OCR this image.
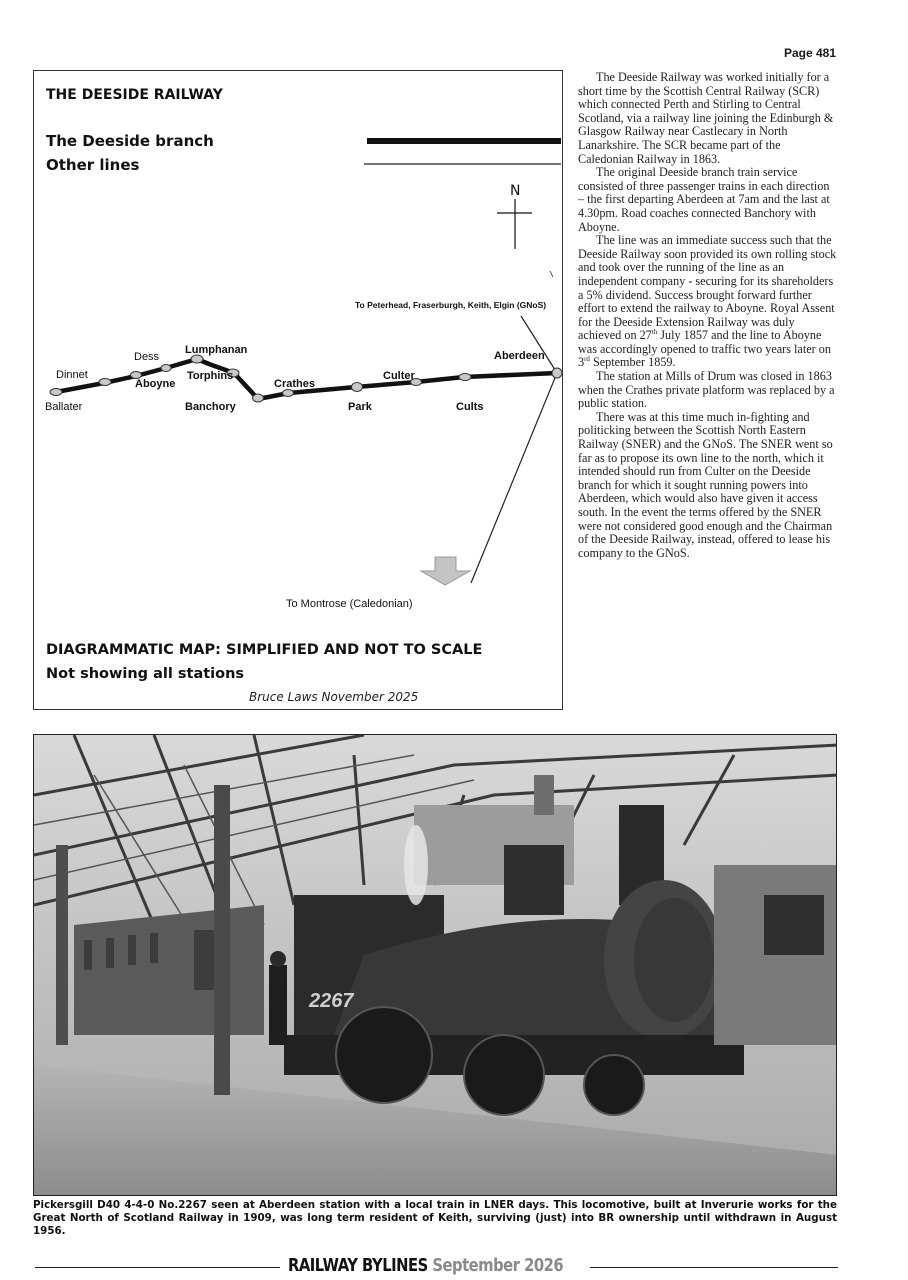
Page 481
THE DEESIDE RAILWAY
The Deeside branch
Other lines
N
Ballater
Dinnet
Dess
Aboyne
Lumphanan
Torphins
Banchory
Crathes
Park
Culter
Cults
Aberdeen
To Peterhead, Fraserburgh, Keith, Elgin (GNoS)
To Montrose (Caledonian)
DIAGRAMMATIC MAP: SIMPLIFIED AND NOT TO SCALE
Not showing all stations
Bruce Laws November 2025

The Deeside Railway was worked initially for a short time by the Scottish Central Railway (SCR) which connected Perth and Stirling to Central Scotland, via a railway line joining the Edinburgh & Glasgow Railway near Castlecary in North Lanarkshire. The SCR became part of the Caledonian Railway in 1863.

The original Deeside branch train service consisted of three passenger trains in each direction – the first departing Aberdeen at 7am and the last at 4.30pm. Road coaches connected Banchory with Aboyne.

The line was an immediate success such that the Deeside Railway soon provided its own rolling stock and took over the running of the line as an independent company - securing for its shareholders a 5% dividend. Success brought forward further effort to extend the railway to Aboyne. Royal Assent for the Deeside Extension Railway was duly achieved on 27th July 1857 and the line to Aboyne was accordingly opened to traffic two years later on 3rd September 1859.

The station at Mills of Drum was closed in 1863 when the Crathes private platform was replaced by a public station.

There was at this time much in-fighting and politicking between the Scottish North Eastern Railway (SNER) and the GNoS. The SNER went so far as to propose its own line to the north, which it intended should run from Culter on the Deeside branch for which it sought running powers into Aberdeen, which would also have given it access south. In the event the terms offered by the SNER were not considered good enough and the Chairman of the Deeside Railway, instead, offered to lease his company to the GNoS.

2267
Pickersgill D40 4-4-0 No.2267 seen at Aberdeen station with a local train in LNER days. This locomotive, built at Inverurie works for the Great North of Scotland Railway in 1909, was long term resident of Keith, surviving (just) into BR ownership until withdrawn in August 1956.
RAILWAY BYLINES September 2026
